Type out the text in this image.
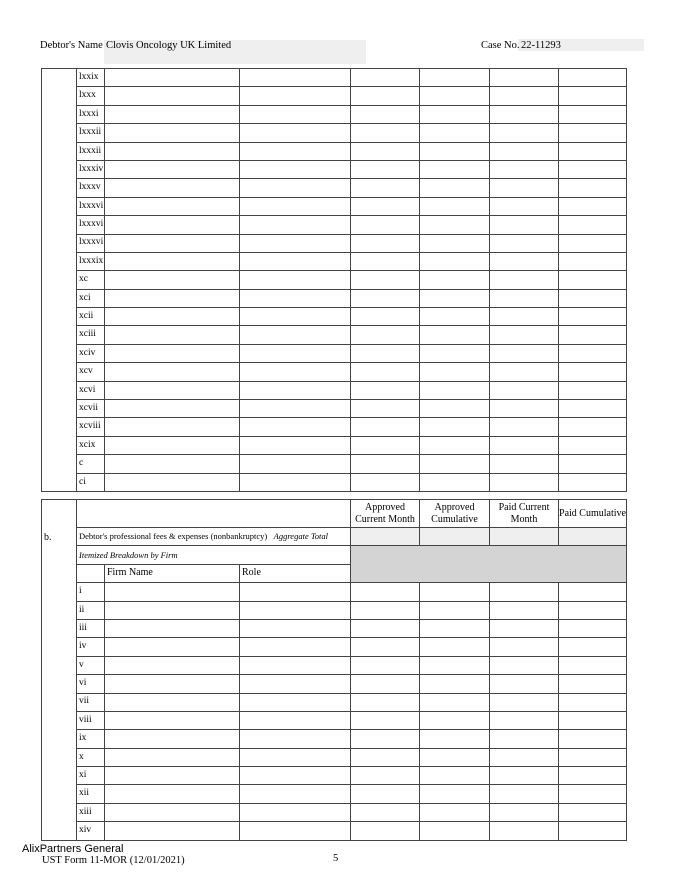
Debtor's Name Clovis Oncology UK Limited	Case No. 22-11293
	lxxix						
	lxxx						
	lxxxi						
	lxxxii						
	lxxxii						
	lxxxiv						
	lxxxv						
	lxxxvi						
	lxxxvi						
	lxxxvi						
	lxxxix						
	xc						
	xci						
	xcii						
	xciii						
	xciv						
	xcv						
	xcvi						
	xcvii						
	xcviii						
	xcix						
	c						
	ci						
b.				Approved Current Month	Approved Cumulative	Paid Current Month	Paid Cumulative
	Debtor's professional fees & expenses (nonbankruptcy) Aggregate Total						
	Itemized Breakdown by Firm						
		Firm Name	Role				
	i						
	ii						
	iii						
	iv						
	v						
	vi						
	vii						
	viii						
	ix						
	x						
	xi						
	xii						
	xiii						
	xiv						
AlixPartners General
UST Form 11-MOR (12/01/2021)	5
